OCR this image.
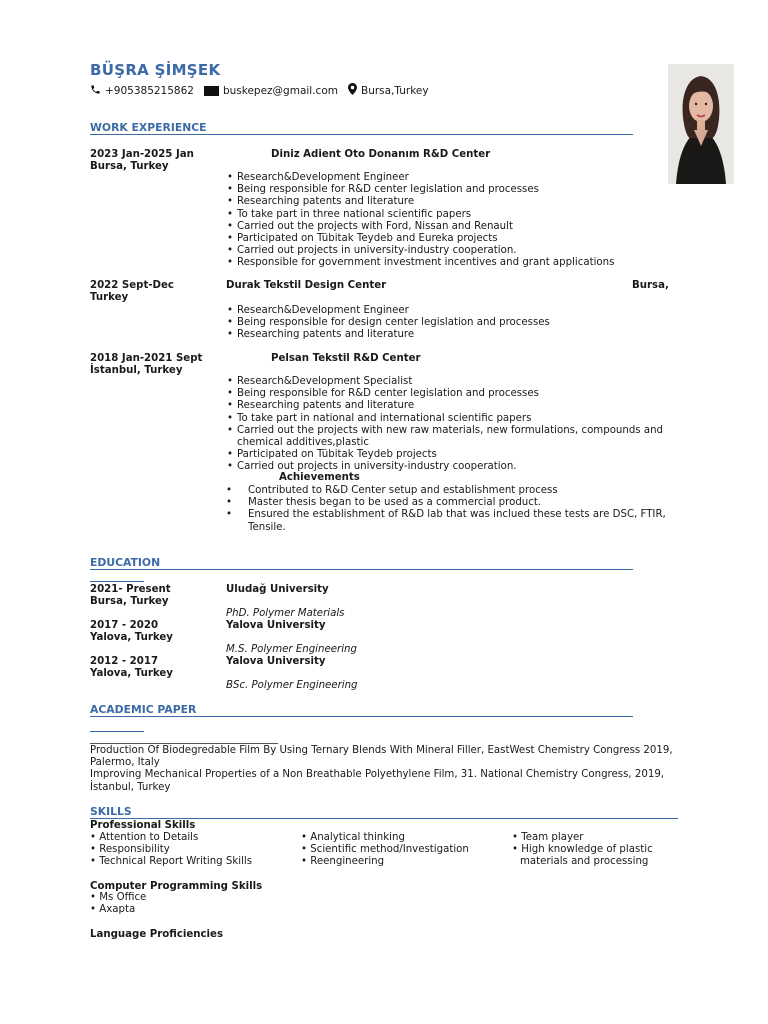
BÜŞRA ŞİMŞEK
+905385215862	buskepez@gmail.com Bursa,Turkey
WORK EXPERIENCE
2023 Jan-2025 Jan
Bursa, Turkey
Diniz Adient Oto Donanım R&D Center
• Research&Development Engineer
• Being responsible for R&D center legislation and processes
• Researching patents and literature
• To take part in three national scientific papers
• Carried out the projects with Ford, Nissan and Renault
• Participated on Tübitak Teydeb and Eureka projects
• Carried out projects in university-industry cooperation.
• Responsible for government investment incentives and grant applications
2022 Sept-Dec
Turkey
Durak Tekstil Design Center	Bursa,
• Research&Development Engineer
• Being responsible for design center legislation and processes
• Researching patents and literature
2018 Jan-2021 Sept
İstanbul, Turkey
Pelsan Tekstil R&D Center
• Research&Development Specialist
• Being responsible for R&D center legislation and processes
• Researching patents and literature
• To take part in national and international scientific papers
• Carried out the projects with new raw materials, new formulations, compounds and chemical additives,plastic
• Participated on Tübitak Teydeb projects
• Carried out projects in university-industry cooperation.
Achievements
• Contributed to R&D Center setup and establishment process
• Master thesis began to be used as a commercial product.
• Ensured the establishment of R&D lab that was inclued these tests are DSC, FTIR, Tensile.
EDUCATION
2021- Present
Bursa, Turkey
Uludağ University
PhD. Polymer Materials
2017 - 2020
Yalova, Turkey
Yalova University
M.S. Polymer Engineering
2012 - 2017
Yalova, Turkey
Yalova University
BSc. Polymer Engineering
ACADEMIC PAPER
Production Of Biodegredable Film By Using Ternary Blends With Mineral Filler, EastWest Chemistry Congress 2019, Palermo, Italy
Improving Mechanical Properties of a Non Breathable Polyethylene Film, 31. National Chemistry Congress, 2019, İstanbul, Turkey
SKILLS
Professional Skills
• Attention to Details
• Responsibility
• Technical Report Writing Skills
• Analytical thinking
• Scientific method/Investigation
• Reengineering
• Team player
• High knowledge of plastic
materials and processing
Computer Programming Skills
• Ms Office
• Axapta
Language Proficiencies
